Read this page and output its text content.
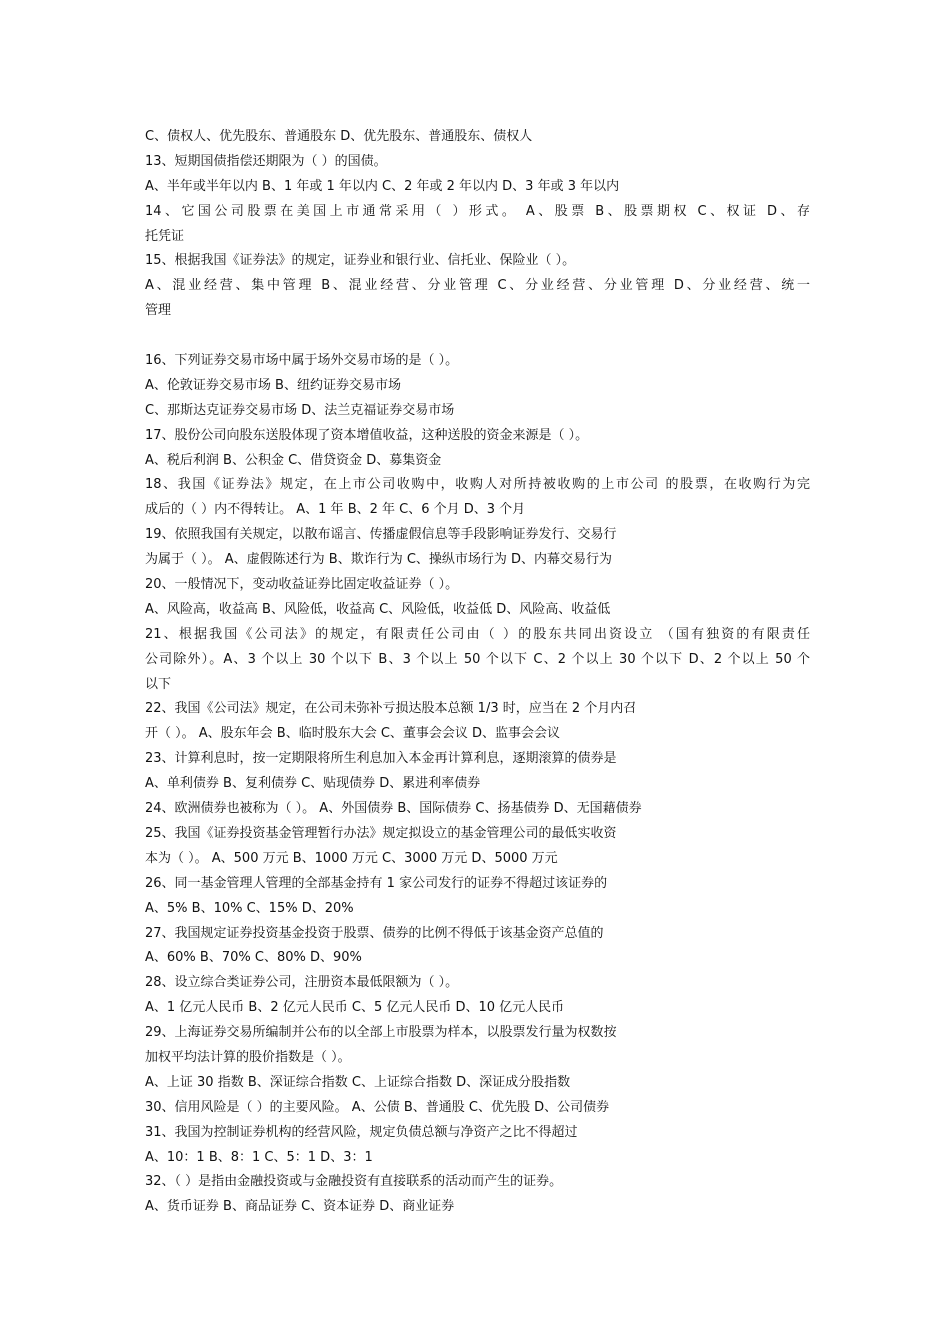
C、债权人、优先股东、普通股东 D、优先股东、普通股东、债权人
13、短期国债指偿还期限为（ ）的国债。
A、半年或半年以内 B、1 年或 1 年以内 C、2 年或 2 年以内 D、3 年或 3 年以内
14、它国公司股票在美国上市通常采用（ ）形式。 A、股票 B、股票期权 C、权证 D、存
托凭证
15、根据我国《证券法》的规定，证券业和银行业、信托业、保险业（ ）。
A、混业经营、集中管理 B、混业经营、分业管理 C、分业经营、分业管理 D、分业经营、统一
管理
16、下列证券交易市场中属于场外交易市场的是（ ）。
A、伦敦证券交易市场 B、纽约证券交易市场
C、那斯达克证券交易市场 D、法兰克福证券交易市场
17、股份公司向股东送股体现了资本增值收益，这种送股的资金来源是（ ）。
A、税后利润 B、公积金 C、借贷资金 D、募集资金
18、我国《证券法》规定，在上市公司收购中，收购人对所持被收购的上市公司 的股票，在收购行为完
成后的（ ）内不得转让。 A、1 年 B、2 年 C、6 个月 D、3 个月
19、依照我国有关规定，以散布谣言、传播虚假信息等手段影响证券发行、交易行
为属于（ ）。 A、虚假陈述行为 B、欺诈行为 C、操纵市场行为 D、内幕交易行为
20、一般情况下，变动收益证券比固定收益证券（ ）。
A、风险高，收益高 B、风险低，收益高 C、风险低，收益低 D、风险高、收益低
21、根据我国《公司法》的规定，有限责任公司由（ ）的股东共同出资设立 （国有独资的有限责任
公司除外）。A、3 个以上 30 个以下 B、3 个以上 50 个以下 C、2 个以上 30 个以下 D、2 个以上 50 个
以下
22、我国《公司法》规定，在公司未弥补亏损达股本总额 1/3 时，应当在 2 个月内召
开（ ）。 A、股东年会 B、临时股东大会 C、董事会会议 D、监事会会议
23、计算利息时，按一定期限将所生利息加入本金再计算利息，逐期滚算的债券是
A、单利债券 B、复利债券 C、贴现债券 D、累进利率债券
24、欧洲债券也被称为（ ）。 A、外国债券 B、国际债券 C、扬基债券 D、无国藉债券
25、我国《证券投资基金管理暂行办法》规定拟设立的基金管理公司的最低实收资
本为（ ）。 A、500 万元 B、1000 万元 C、3000 万元 D、5000 万元
26、同一基金管理人管理的全部基金持有 1 家公司发行的证券不得超过该证券的
A、5% B、10% C、15% D、20%
27、我国规定证券投资基金投资于股票、债券的比例不得低于该基金资产总值的
A、60% B、70% C、80% D、90%
28、设立综合类证券公司，注册资本最低限额为（ ）。
A、1 亿元人民币 B、2 亿元人民币 C、5 亿元人民币 D、10 亿元人民币
29、上海证券交易所编制并公布的以全部上市股票为样本，以股票发行量为权数按
加权平均法计算的股价指数是（ ）。
A、上证 30 指数 B、深证综合指数 C、上证综合指数 D、深证成分股指数
30、信用风险是（ ）的主要风险。 A、公债 B、普通股 C、优先股 D、公司债券
31、我国为控制证券机构的经营风险，规定负债总额与净资产之比不得超过
A、10：1 B、8：1 C、5：1 D、3：1
32、（ ）是指由金融投资或与金融投资有直接联系的活动而产生的证券。
A、货币证券 B、商品证券 C、资本证券 D、商业证券
